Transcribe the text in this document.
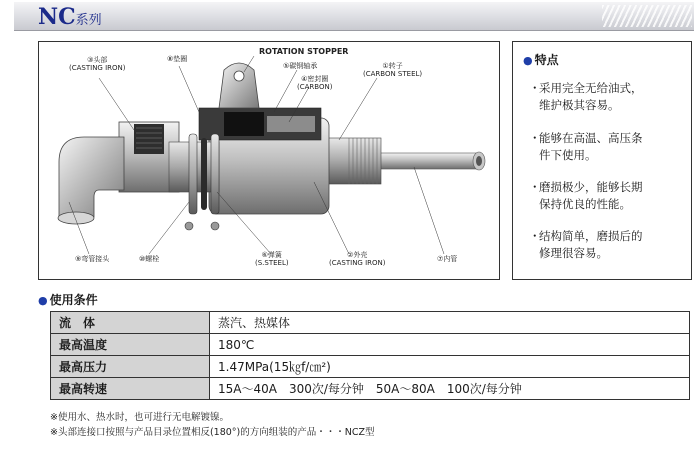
NC系列
③头部
(CASTING IRON)
⑧垫圈
ROTATION STOPPER
⑤碳钢轴承
④密封圈
(CARBON)
①转子
(CARBON STEEL)
⑨弯管接头	⑩螺栓	⑥弹簧
(S.STEEL)
②外壳
(CASTING IRON)	⑦内管
● 特点
・
采用完全无给油式，
维护极其容易。
・
能够在高温、高压条
件下使用。
・
磨损极少，能够长期
保持优良的性能。
・
结构简单，磨损后的
修理很容易。
● 使用条件
流　体	蒸汽、热媒体
最高温度	180℃
最高压力	1.47MPa(15㎏f/㎝²)
最高转速	15A～40A　300次/每分钟　50A～80A　100次/每分钟
※使用水、热水时，也可进行无电解镀镍。
※头部连接口按照与产品目录位置相反(180°)的方向组装的产品・・・NCZ型
